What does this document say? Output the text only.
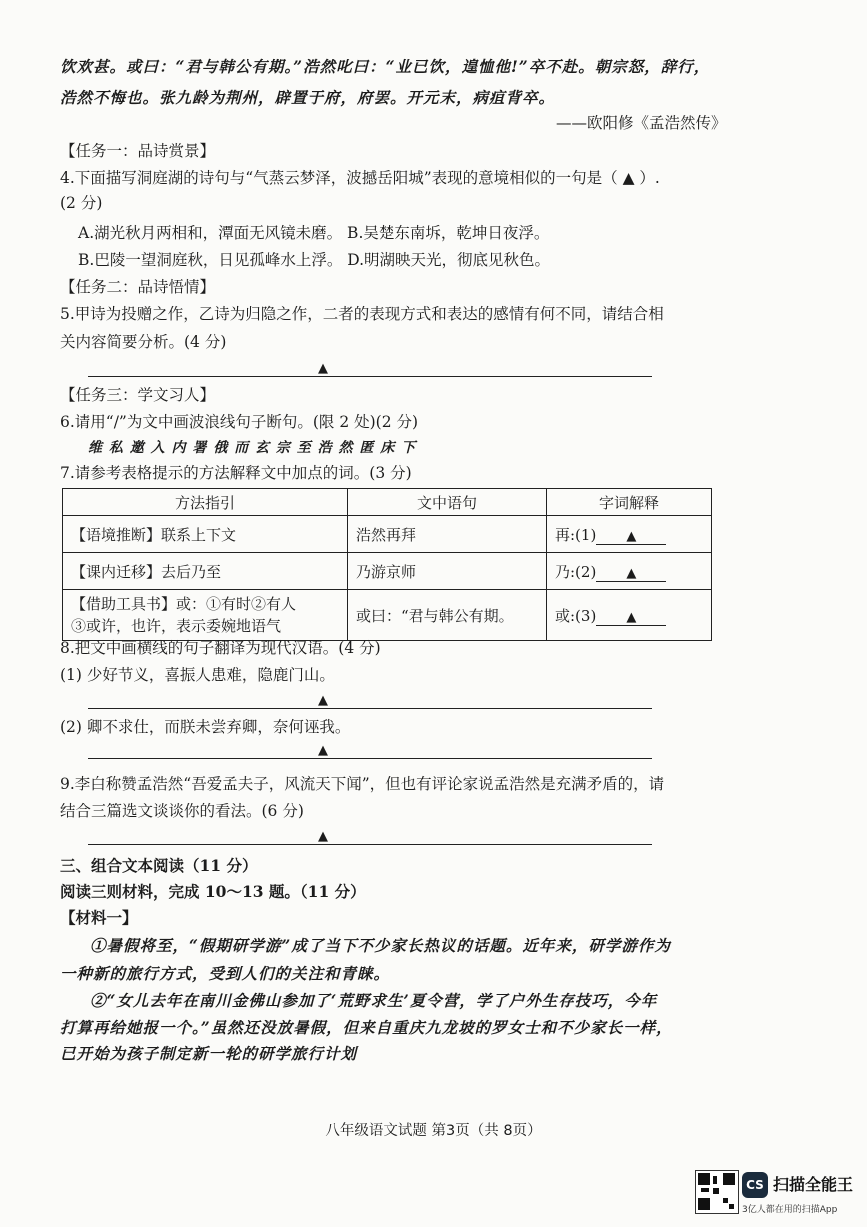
饮欢甚。或曰：“君与韩公有期。”浩然叱曰：“业已饮，遑恤他!”卒不赴。朝宗怒，辞行，
浩然不悔也。张九龄为荆州，辟置于府，府罢。开元末，病疽背卒。
——欧阳修《孟浩然传》
【任务一：品诗赏景】
4.下面描写洞庭湖的诗句与“气蒸云梦泽，波撼岳阳城”表现的意境相似的一句是（ ▲ ）.
(2 分)
A.湖光秋月两相和，潭面无风镜未磨。 B.吴楚东南坼，乾坤日夜浮。
B.巴陵一望洞庭秋，日见孤峰水上浮。 D.明湖映天光，彻底见秋色。
【任务二：品诗悟情】
5.甲诗为投赠之作，乙诗为归隐之作，二者的表现方式和表达的感情有何不同，请结合相
关内容简要分析。(4 分)
▲
【任务三：学文习人】
6.请用“/”为文中画波浪线句子断句。(限 2 处)(2 分)
维 私 邀 入 内 署 俄 而 玄 宗 至 浩 然 匿 床 下
7.请参考表格提示的方法解释文中加点的词。(3 分)
方法指引	文中语句	字词解释
【语境推断】联系上下文	浩然再拜	再:(1) ▲
【课内迁移】去后乃至	乃游京师	乃:(2) ▲

【借助工具书】或：①有时②有人
③或许，也许，表示委婉地语气	或曰：“君与韩公有期。	或:(3) ▲
8.把文中画横线的句子翻译为现代汉语。(4 分)
(1) 少好节义，喜振人患难，隐鹿门山。
▲
(2) 卿不求仕，而朕未尝弃卿，奈何诬我。
▲
9.李白称赞孟浩然“吾爱孟夫子，风流天下闻”，但也有评论家说孟浩然是充满矛盾的，请
结合三篇选文谈谈你的看法。(6 分)
▲
三、组合文本阅读（11 分）
阅读三则材料，完成 10～13 题。（11 分）
【材料一】
①暑假将至，“假期研学游”成了当下不少家长热议的话题。近年来，研学游作为
一种新的旅行方式，受到人们的关注和青睐。
②“女儿去年在南川金佛山参加了‘荒野求生’夏令营，学了户外生存技巧，今年
打算再给她报一个。”虽然还没放暑假，但来自重庆九龙坡的罗女士和不少家长一样，
已开始为孩子制定新一轮的研学旅行计划
八年级语文试题 第3页（共 8页）
CS 扫描全能王
3亿人都在用的扫描App
